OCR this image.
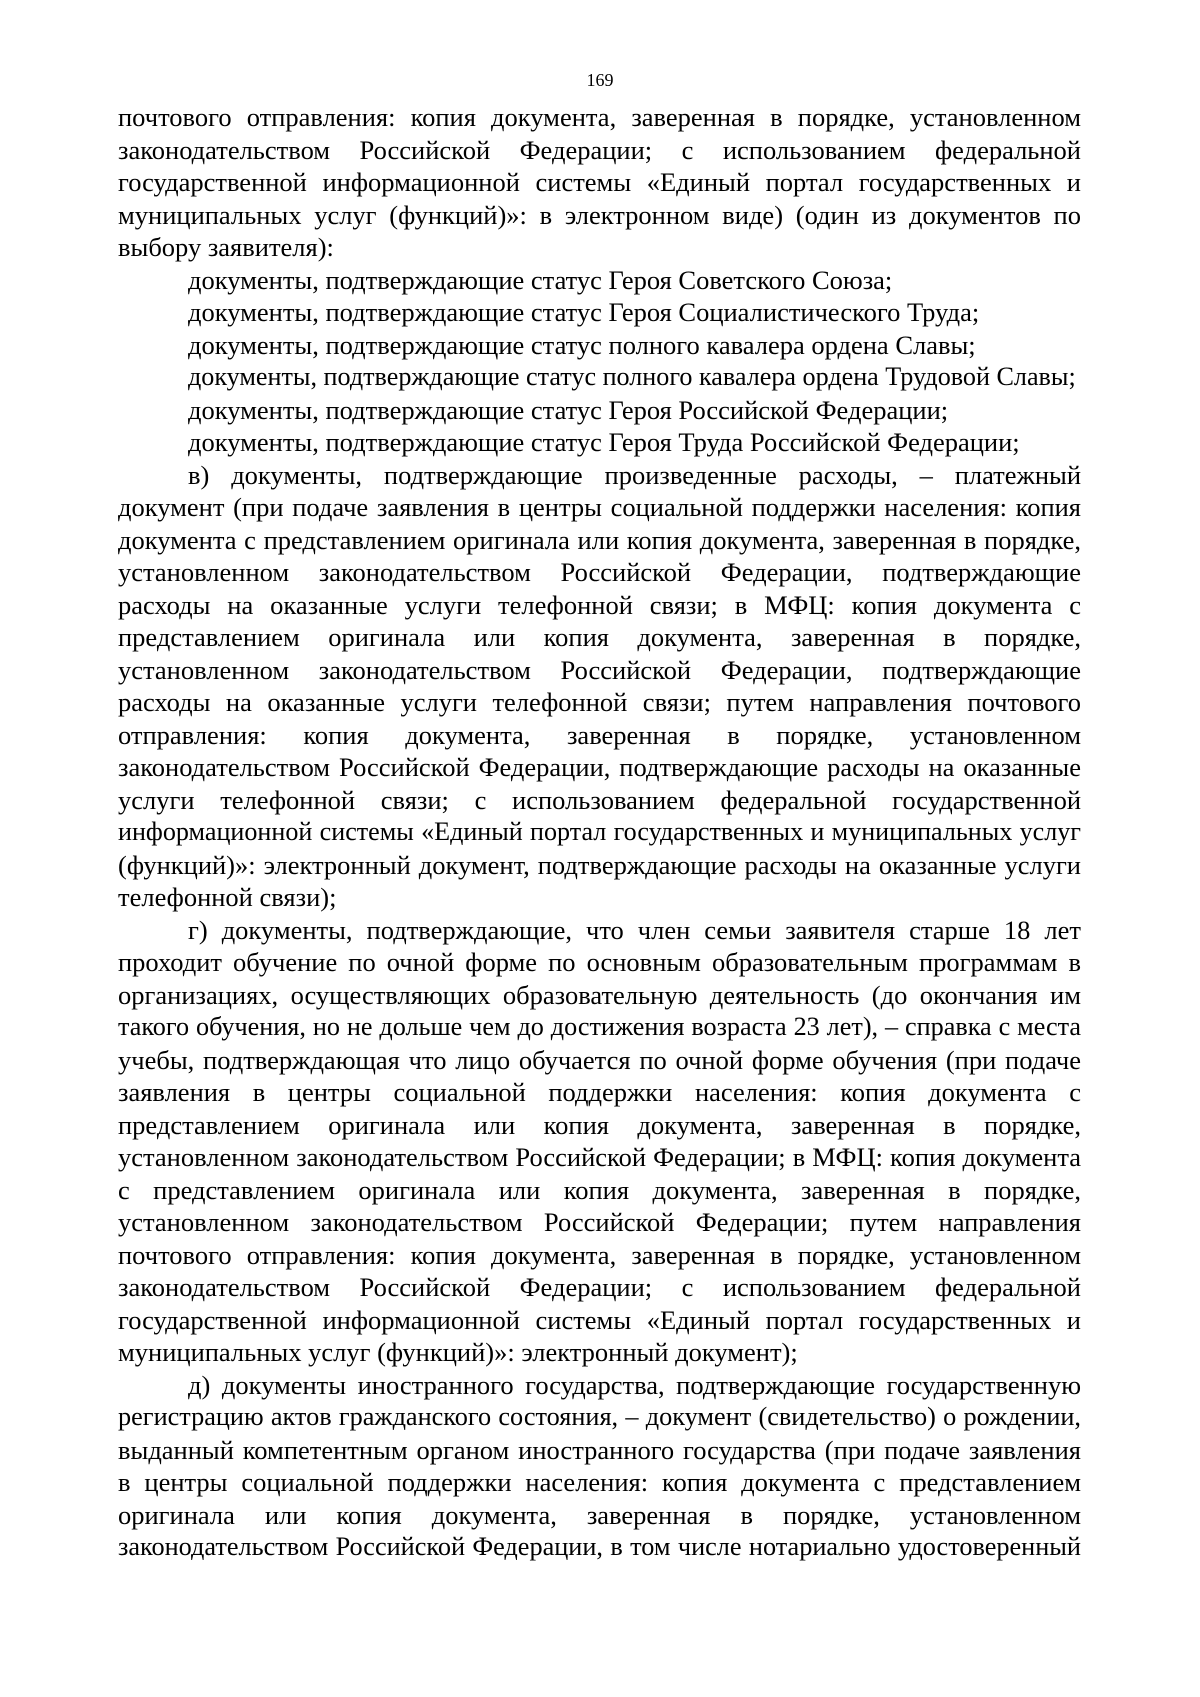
169
почтового отправления: копия документа, заверенная в порядке, установленном
законодательством Российской Федерации; с использованием федеральной
государственной информационной системы «Единый портал государственных и
муниципальных услуг (функций)»: в электронном виде) (один из документов по
выбору заявителя):
документы, подтверждающие статус Героя Советского Союза;
документы, подтверждающие статус Героя Социалистического Труда;
документы, подтверждающие статус полного кавалера ордена Славы;
документы, подтверждающие статус полного кавалера ордена Трудовой Славы;
документы, подтверждающие статус Героя Российской Федерации;
документы, подтверждающие статус Героя Труда Российской Федерации;
в) документы, подтверждающие произведенные расходы, – платежный
документ (при подаче заявления в центры социальной поддержки населения: копия
документа с представлением оригинала или копия документа, заверенная в порядке,
установленном законодательством Российской Федерации, подтверждающие
расходы на оказанные услуги телефонной связи; в МФЦ: копия документа с
представлением оригинала или копия документа, заверенная в порядке,
установленном законодательством Российской Федерации, подтверждающие
расходы на оказанные услуги телефонной связи; путем направления почтового
отправления: копия документа, заверенная в порядке, установленном
законодательством Российской Федерации, подтверждающие расходы на оказанные
услуги телефонной связи; с использованием федеральной государственной
информационной системы «Единый портал государственных и муниципальных услуг
(функций)»: электронный документ, подтверждающие расходы на оказанные услуги
телефонной связи);
г) документы, подтверждающие, что член семьи заявителя старше 18 лет
проходит обучение по очной форме по основным образовательным программам в
организациях, осуществляющих образовательную деятельность (до окончания им
такого обучения, но не дольше чем до достижения возраста 23 лет), – справка с места
учебы, подтверждающая что лицо обучается по очной форме обучения (при подаче
заявления в центры социальной поддержки населения: копия документа с
представлением оригинала или копия документа, заверенная в порядке,
установленном законодательством Российской Федерации; в МФЦ: копия документа
с представлением оригинала или копия документа, заверенная в порядке,
установленном законодательством Российской Федерации; путем направления
почтового отправления: копия документа, заверенная в порядке, установленном
законодательством Российской Федерации; с использованием федеральной
государственной информационной системы «Единый портал государственных и
муниципальных услуг (функций)»: электронный документ);
д) документы иностранного государства, подтверждающие государственную
регистрацию актов гражданского состояния, – документ (свидетельство) о рождении,
выданный компетентным органом иностранного государства (при подаче заявления
в центры социальной поддержки населения: копия документа с представлением
оригинала или копия документа, заверенная в порядке, установленном
законодательством Российской Федерации, в том числе нотариально удостоверенный
